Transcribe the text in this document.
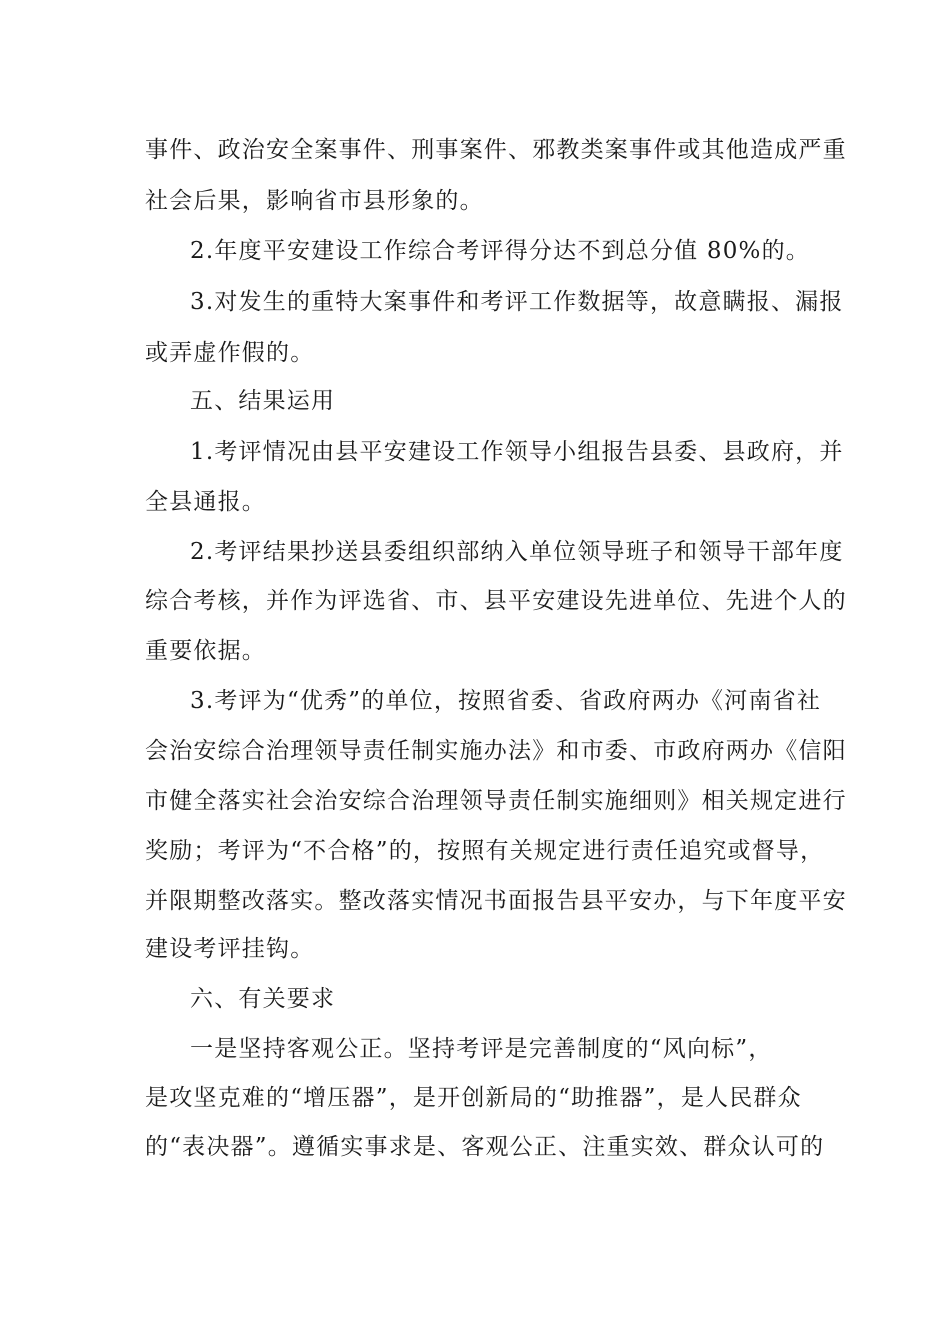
事件、政治安全案事件、刑事案件、邪教类案事件或其他造成严重
社会后果，影响省市县形象的。
2.年度平安建设工作综合考评得分达不到总分值 80%的。
3.对发生的重特大案事件和考评工作数据等，故意瞒报、漏报
或弄虚作假的。
五、结果运用
1.考评情况由县平安建设工作领导小组报告县委、县政府，并
全县通报。
2.考评结果抄送县委组织部纳入单位领导班子和领导干部年度
综合考核，并作为评选省、市、县平安建设先进单位、先进个人的
重要依据。
3.考评为“优秀”的单位，按照省委、省政府两办《河南省社
会治安综合治理领导责任制实施办法》和市委、市政府两办《信阳
市健全落实社会治安综合治理领导责任制实施细则》相关规定进行
奖励；考评为“不合格”的，按照有关规定进行责任追究或督导，
并限期整改落实。整改落实情况书面报告县平安办，与下年度平安
建设考评挂钩。
六、有关要求
一是坚持客观公正。坚持考评是完善制度的“风向标”，
是攻坚克难的“增压器”，是开创新局的“助推器”，是人民群众
的“表决器”。遵循实事求是、客观公正、注重实效、群众认可的
